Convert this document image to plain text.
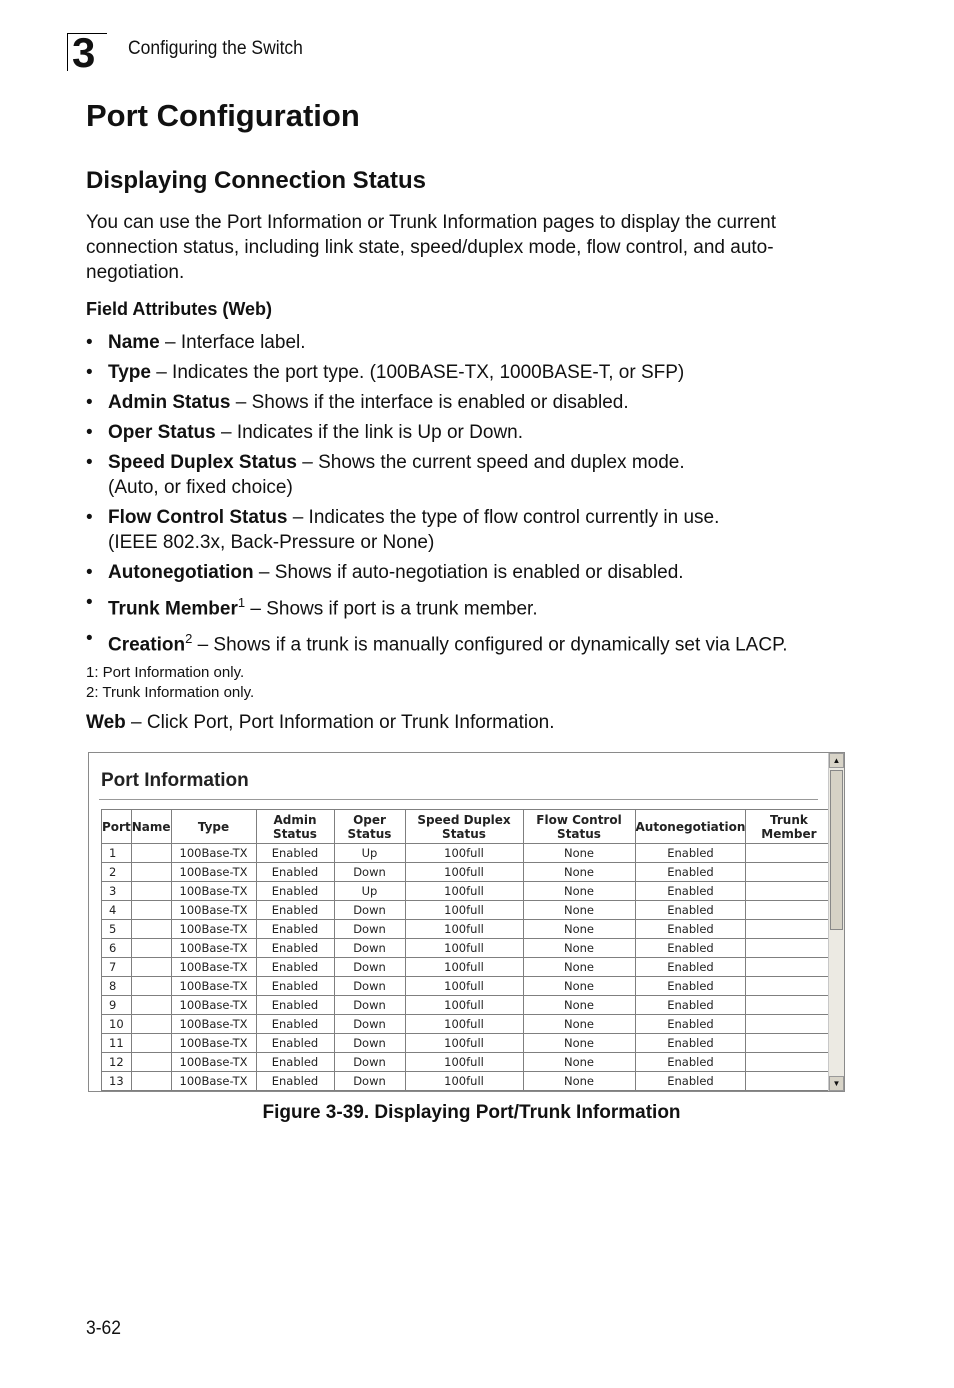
3	Configuring the Switch
Port Configuration
Displaying Connection Status

You can use the Port Information or Trunk Information pages to display the current connection status, including link state, speed/duplex mode, flow control, and auto-negotiation.

Field Attributes (Web)

• Name – Interface label.
• Type – Indicates the port type. (100BASE-TX, 1000BASE-T, or SFP)
• Admin Status – Shows if the interface is enabled or disabled.
• Oper Status – Indicates if the link is Up or Down.
• Speed Duplex Status – Shows the current speed and duplex mode.
(Auto, or fixed choice)
• Flow Control Status – Indicates the type of flow control currently in use.
(IEEE 802.3x, Back-Pressure or None)
• Autonegotiation – Shows if auto-negotiation is enabled or disabled.
• Trunk Member$^1$ – Shows if port is a trunk member.
• Creation$^2$ – Shows if a trunk is manually configured or dynamically set via LACP.
1: Port Information only.
2: Trunk Information only.
Web – Click Port, Port Information or Trunk Information.
Port Information
Port	Name	Type	Admin Status	Oper Status	Speed Duplex Status	Flow Control Status	Autonegotiation	Trunk Member
1		100Base-TX	Enabled	Up	100full	None	Enabled	
2		100Base-TX	Enabled	Down	100full	None	Enabled	
3		100Base-TX	Enabled	Up	100full	None	Enabled	
4		100Base-TX	Enabled	Down	100full	None	Enabled	
5		100Base-TX	Enabled	Down	100full	None	Enabled	
6		100Base-TX	Enabled	Down	100full	None	Enabled	
7		100Base-TX	Enabled	Down	100full	None	Enabled	
8		100Base-TX	Enabled	Down	100full	None	Enabled	
9		100Base-TX	Enabled	Down	100full	None	Enabled	
10		100Base-TX	Enabled	Down	100full	None	Enabled	
11		100Base-TX	Enabled	Down	100full	None	Enabled	
12		100Base-TX	Enabled	Down	100full	None	Enabled	
13		100Base-TX	Enabled	Down	100full	None	Enabled	
▲
▼
Figure 3-39. Displaying Port/Trunk Information
3-62
